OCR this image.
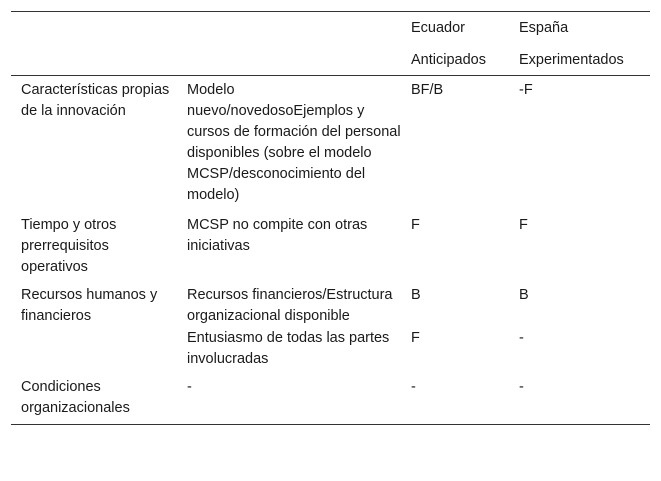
		Ecuador	España
		Anticipados	Experimentados
Características propias de la innovación	Modelo nuevo/novedosoEjemplos y cursos de formación del personal disponibles (sobre el modelo MCSP/desconocimiento del modelo)	BF/B	-F
Tiempo y otros prerrequisitos operativos	MCSP no compite con otras iniciativas	F	F
Recursos humanos y financieros	Recursos financieros/Estructura organizacional disponible	B	B
	Entusiasmo de todas las partes involucradas	F	-
Condiciones organizacionales	-	-	-
